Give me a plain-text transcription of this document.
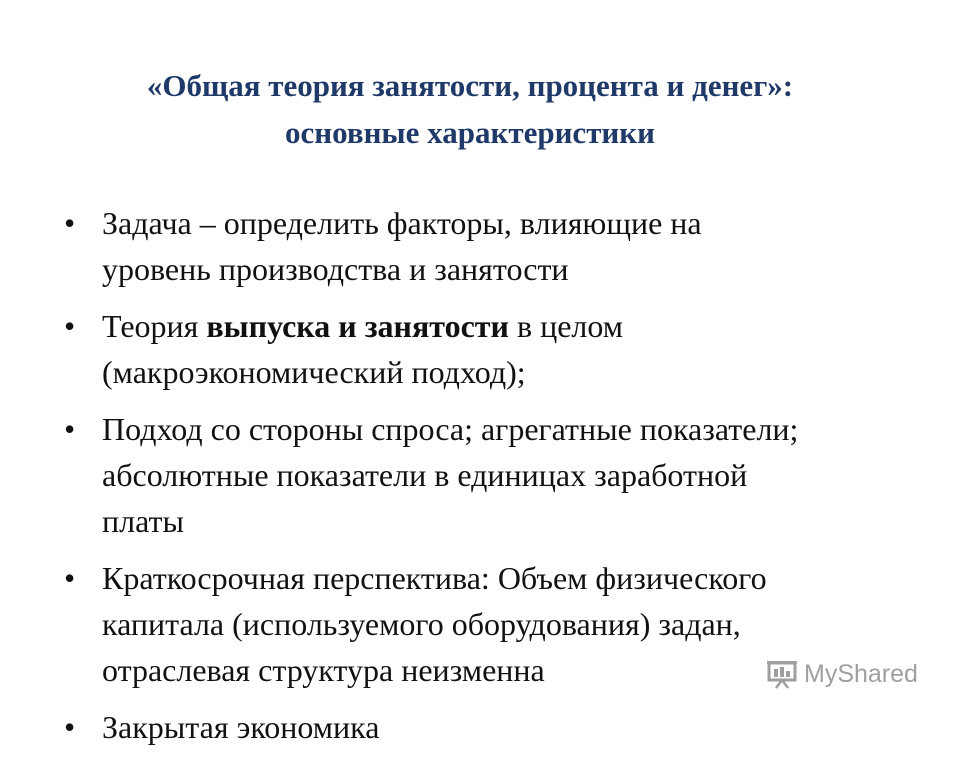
«Общая теория занятости, процента и денег»:
основные характеристики
• Задача – определить факторы, влияющие на
уровень производства и занятости
• Теория выпуска и занятости в целом
(макроэкономический подход);
• Подход со стороны спроса; агрегатные показатели;
абсолютные показатели в единицах заработной
платы
• Краткосрочная перспектива: Объем физического
капитала (используемого оборудования) задан,
отраслевая структура неизменна
• Закрытая экономика
MyShared
